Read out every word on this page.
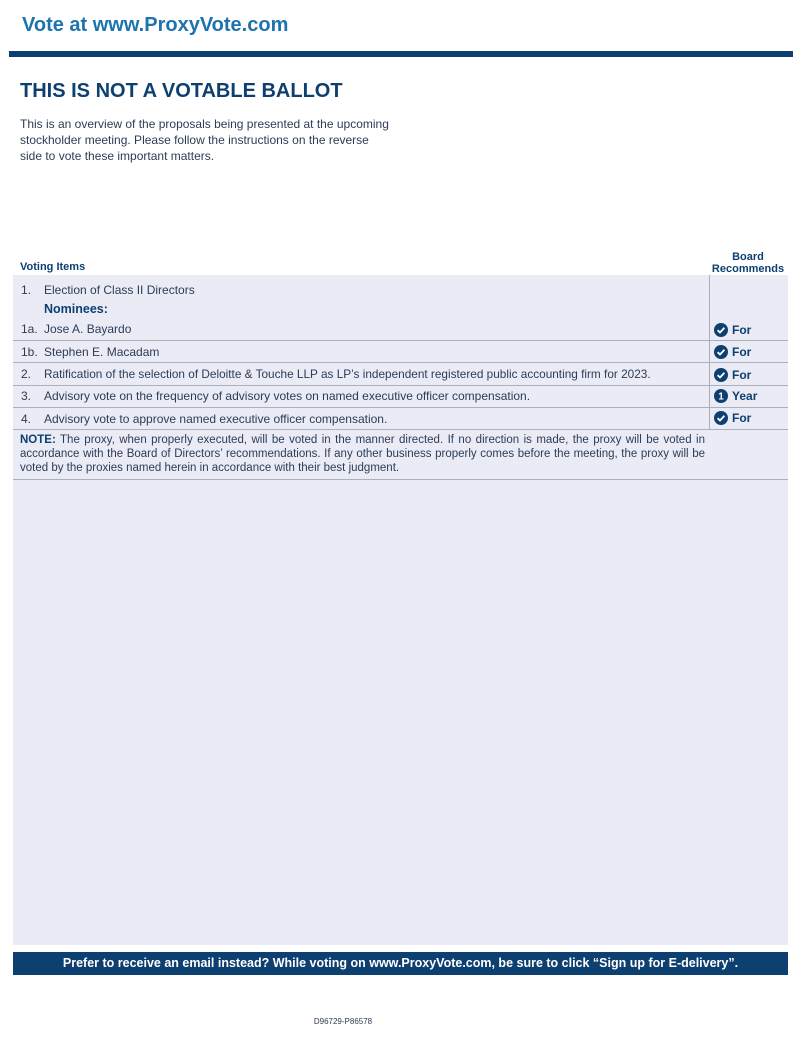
Vote at www.ProxyVote.com
THIS IS NOT A VOTABLE BALLOT
This is an overview of the proposals being presented at the upcoming stockholder meeting. Please follow the instructions on the reverse side to vote these important matters.
Voting Items
Board Recommends
1. Election of Class II Directors
Nominees:
1a. Jose A. Bayardo	For
1b. Stephen E. Macadam	For
2. Ratification of the selection of Deloitte & Touche LLP as LP’s independent registered public accounting firm for 2023.	For
3. Advisory vote on the frequency of advisory votes on named executive officer compensation.	1 Year
4. Advisory vote to approve named executive officer compensation.	For
NOTE: The proxy, when properly executed, will be voted in the manner directed. If no direction is made, the proxy will be voted in accordance with the Board of Directors’ recommendations. If any other business properly comes before the meeting, the proxy will be voted by the proxies named herein in accordance with their best judgment.
Prefer to receive an email instead? While voting on www.ProxyVote.com, be sure to click “Sign up for E-delivery”.
D96729-P86578
